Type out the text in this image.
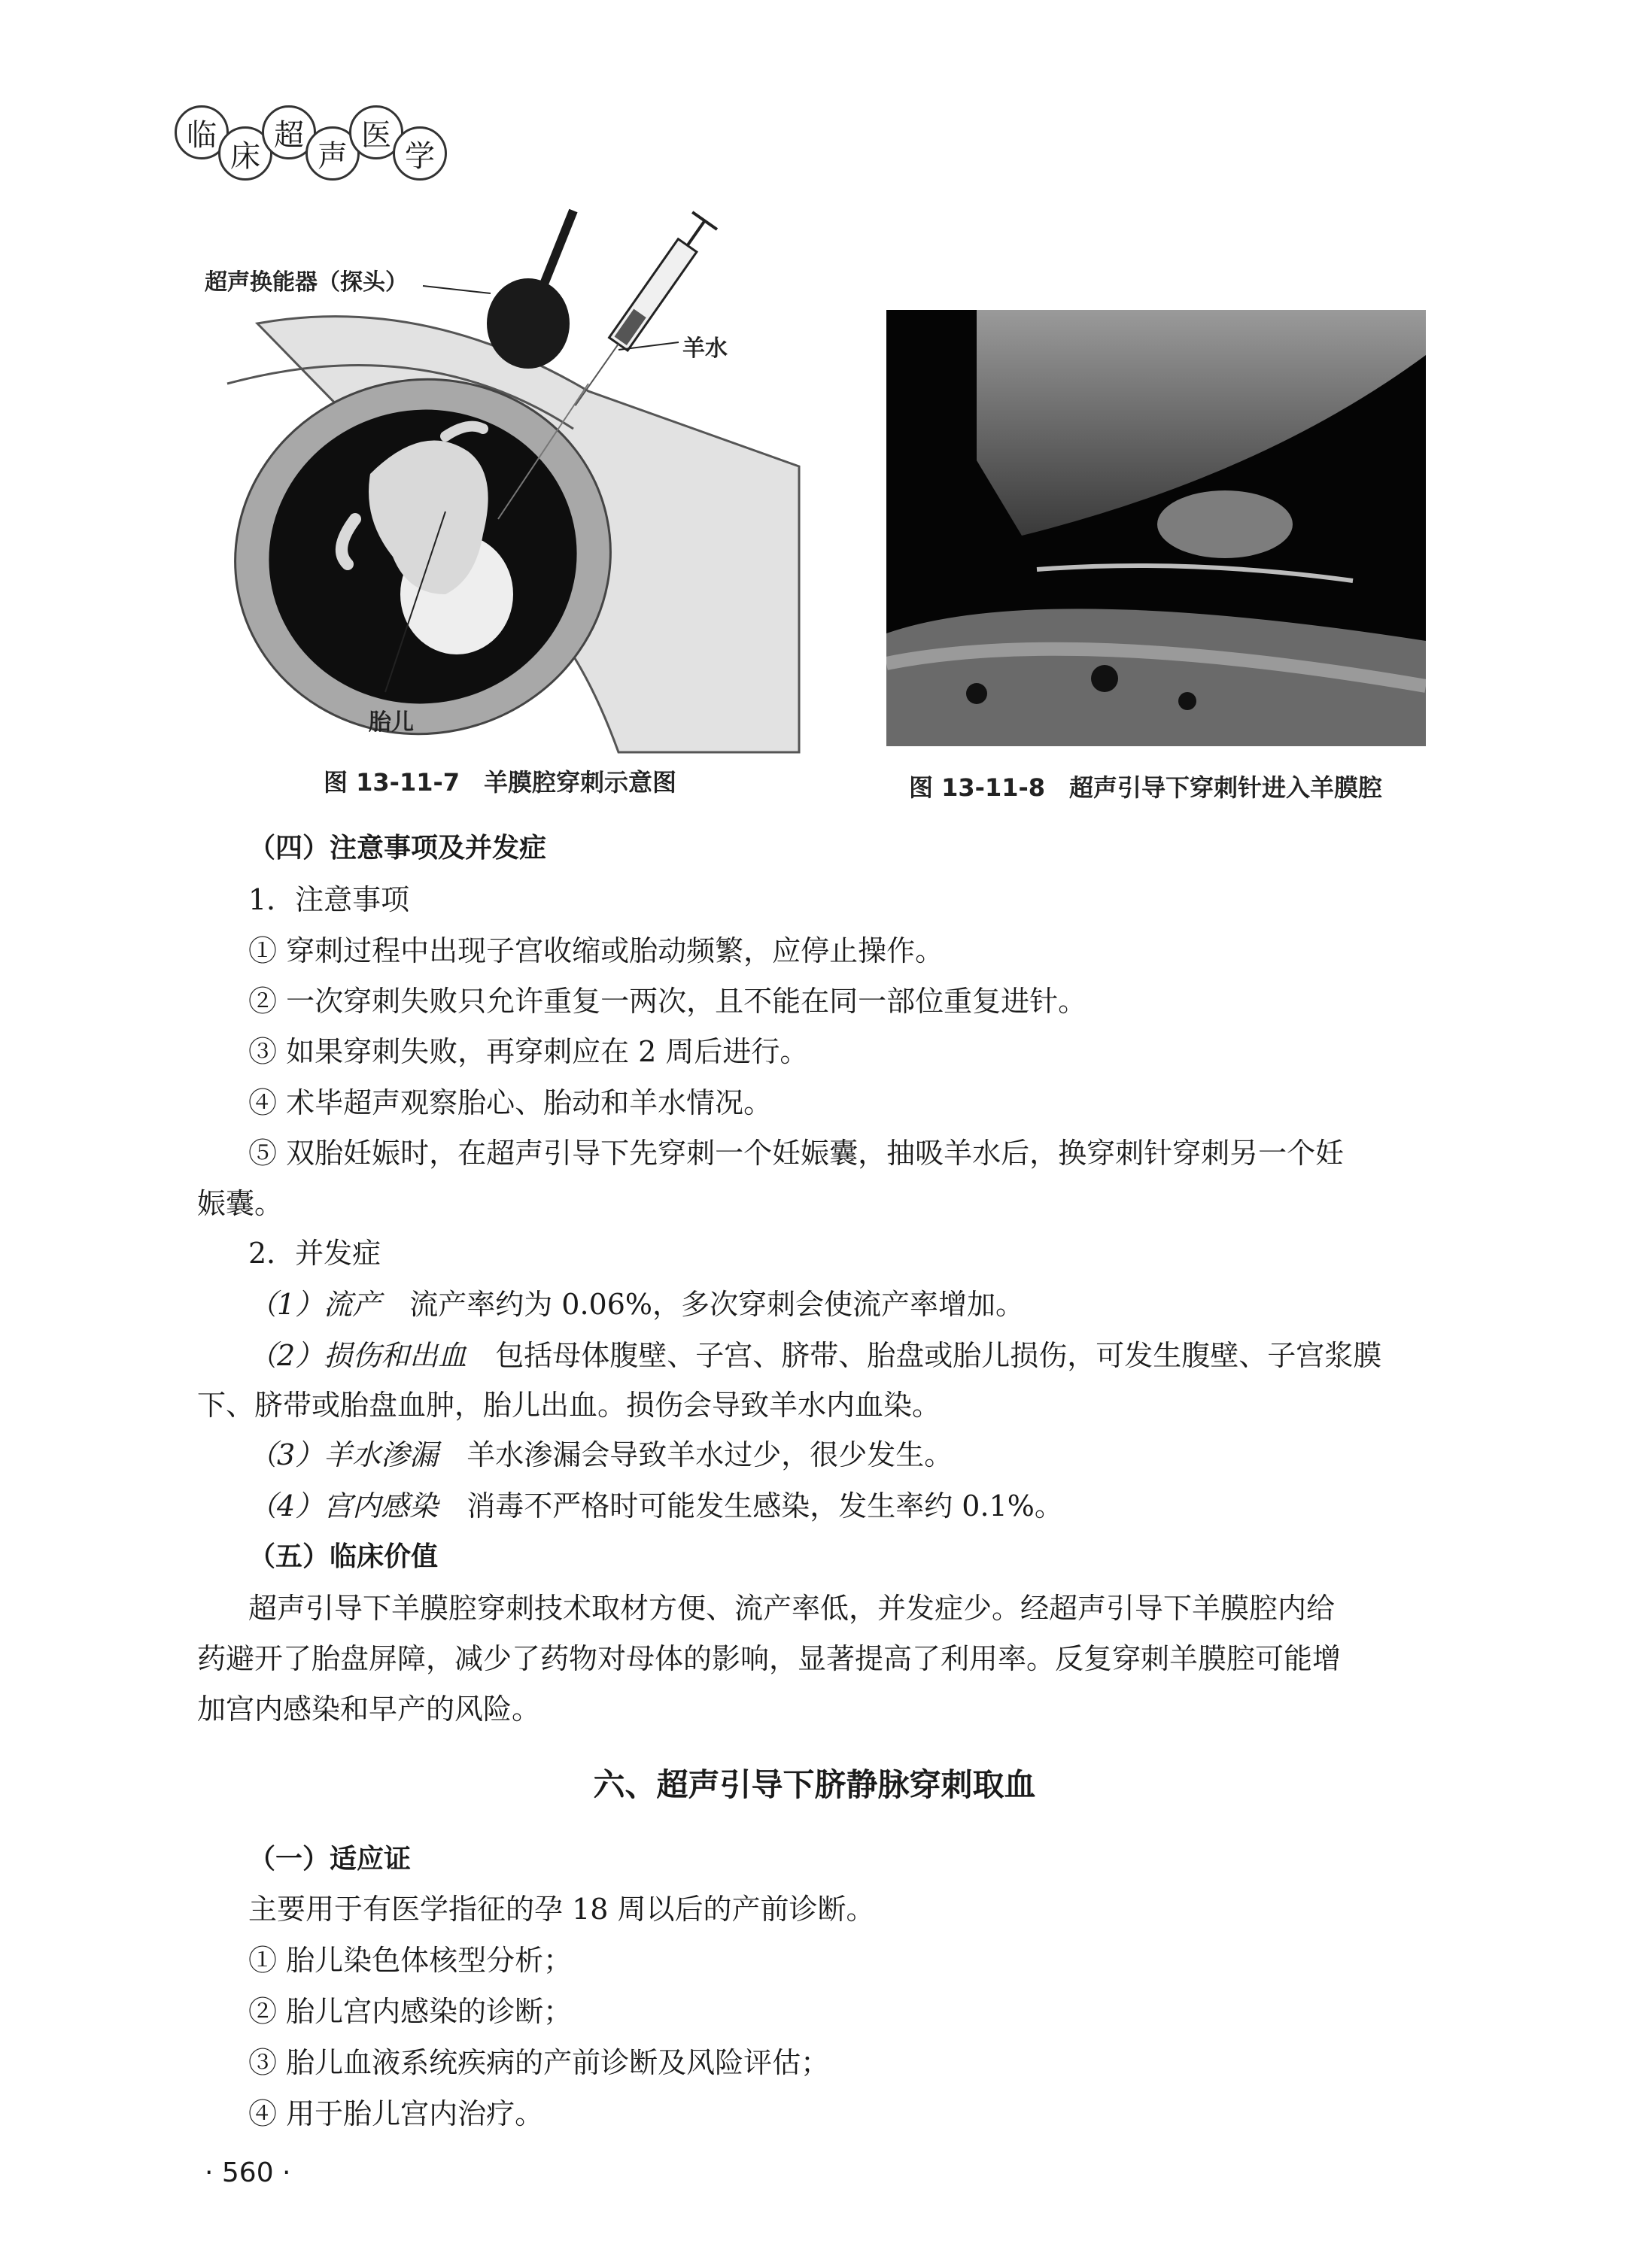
临
床
超
声
医
学
超声换能器（探头）
羊水
胎儿
图 13-11-7　羊膜腔穿刺示意图	图 13-11-8　超声引导下穿刺针进入羊膜腔
（四）注意事项及并发症
1．注意事项
① 穿刺过程中出现子宫收缩或胎动频繁，应停止操作。
② 一次穿刺失败只允许重复一两次，且不能在同一部位重复进针。
③ 如果穿刺失败，再穿刺应在 2 周后进行。
④ 术毕超声观察胎心、胎动和羊水情况。
⑤ 双胎妊娠时，在超声引导下先穿刺一个妊娠囊，抽吸羊水后，换穿刺针穿刺另一个妊
娠囊。
2．并发症
（1）流产　 流产率约为 0.06%，多次穿刺会使流产率增加。
（2）损伤和出血　 包括母体腹壁、子宫、脐带、胎盘或胎儿损伤，可发生腹壁、子宫浆膜
下、脐带或胎盘血肿，胎儿出血。损伤会导致羊水内血染。
（3）羊水渗漏　 羊水渗漏会导致羊水过少，很少发生。
（4）宫内感染　 消毒不严格时可能发生感染，发生率约 0.1%。
（五）临床价值
超声引导下羊膜腔穿刺技术取材方便、流产率低，并发症少。经超声引导下羊膜腔内给
药避开了胎盘屏障，减少了药物对母体的影响，显著提高了利用率。反复穿刺羊膜腔可能增
加宫内感染和早产的风险。
六、超声引导下脐静脉穿刺取血
（一）适应证
主要用于有医学指征的孕 18 周以后的产前诊断。
① 胎儿染色体核型分析；
② 胎儿宫内感染的诊断；
③ 胎儿血液系统疾病的产前诊断及风险评估；
④ 用于胎儿宫内治疗。
· 560 ·
